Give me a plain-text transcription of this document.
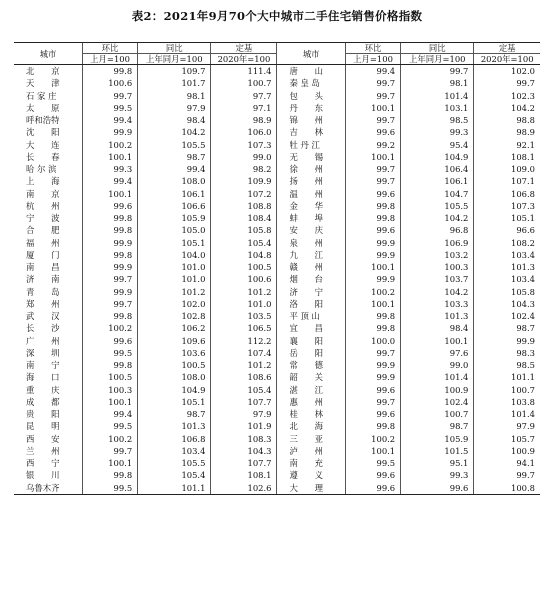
表2：2021年9月70个大中城市二手住宅销售价格指数
城市	环比	同比	定基	城市	环比	同比	定基
	上月=100	上年同月=100	2020年=100		上月=100	上年同月=100	2020年=100
北　　京	99.8	109.7	111.4	唐　　山	99.4	99.7	102.0
天　　津	100.6	101.7	100.7	秦 皇 岛	99.7	98.1	99.7
石 家 庄	99.7	98.1	97.7	包　　头	99.7	101.4	102.3
太　　原	99.5	97.9	97.1	丹　　东	100.1	103.1	104.2
呼和浩特	99.4	98.4	98.9	锦　　州	99.7	98.5	98.8
沈　　阳	99.9	104.2	106.0	吉　　林	99.6	99.3	98.9
大　　连	100.2	105.5	107.3	牡 丹 江	99.2	95.4	92.1
长　　春	100.1	98.7	99.0	无　　锡	100.1	104.9	108.1
哈 尔 滨	99.3	99.4	98.2	徐　　州	99.7	106.4	109.0
上　　海	99.4	108.0	109.9	扬　　州	99.7	106.1	107.1
南　　京	100.1	106.1	107.2	温　　州	99.6	104.7	106.8
杭　　州	99.6	106.6	108.8	金　　华	99.8	105.5	107.3
宁　　波	99.8	105.9	108.4	蚌　　埠	99.8	104.2	105.1
合　　肥	99.8	105.0	105.8	安　　庆	99.6	96.8	96.6
福　　州	99.9	105.1	105.4	泉　　州	99.9	106.9	108.2
厦　　门	99.8	104.0	104.8	九　　江	99.9	103.2	103.4
南　　昌	99.9	101.0	100.5	赣　　州	100.1	100.3	101.3
济　　南	99.7	101.0	100.6	烟　　台	99.9	103.7	103.4
青　　岛	99.9	101.2	101.2	济　　宁	100.2	104.2	105.8
郑　　州	99.7	102.0	101.0	洛　　阳	100.1	103.3	104.3
武　　汉	99.8	102.8	103.5	平 顶 山	99.8	101.3	102.4
长　　沙	100.2	106.2	106.5	宜　　昌	99.8	98.4	98.7
广　　州	99.6	109.6	112.2	襄　　阳	100.0	100.1	99.9
深　　圳	99.5	103.6	107.4	岳　　阳	99.7	97.6	98.3
南　　宁	99.8	100.5	101.2	常　　德	99.9	99.0	98.5
海　　口	100.5	108.0	108.6	韶　　关	99.9	101.4	101.1
重　　庆	100.3	104.9	105.4	湛　　江	99.6	100.9	100.7
成　　都	100.1	105.1	107.7	惠　　州	99.7	102.4	103.8
贵　　阳	99.4	98.7	97.9	桂　　林	99.6	100.7	101.4
昆　　明	99.5	101.3	101.9	北　　海	99.8	98.7	97.9
西　　安	100.2	106.8	108.3	三　　亚	100.2	105.9	105.7
兰　　州	99.7	103.4	104.3	泸　　州	100.1	101.5	100.9
西　　宁	100.1	105.5	107.7	南　　充	99.5	95.1	94.1
银　　川	99.8	105.4	108.1	遵　　义	99.6	99.3	99.7
乌鲁木齐	99.5	101.1	102.6	大　　理	99.6	99.6	100.8
